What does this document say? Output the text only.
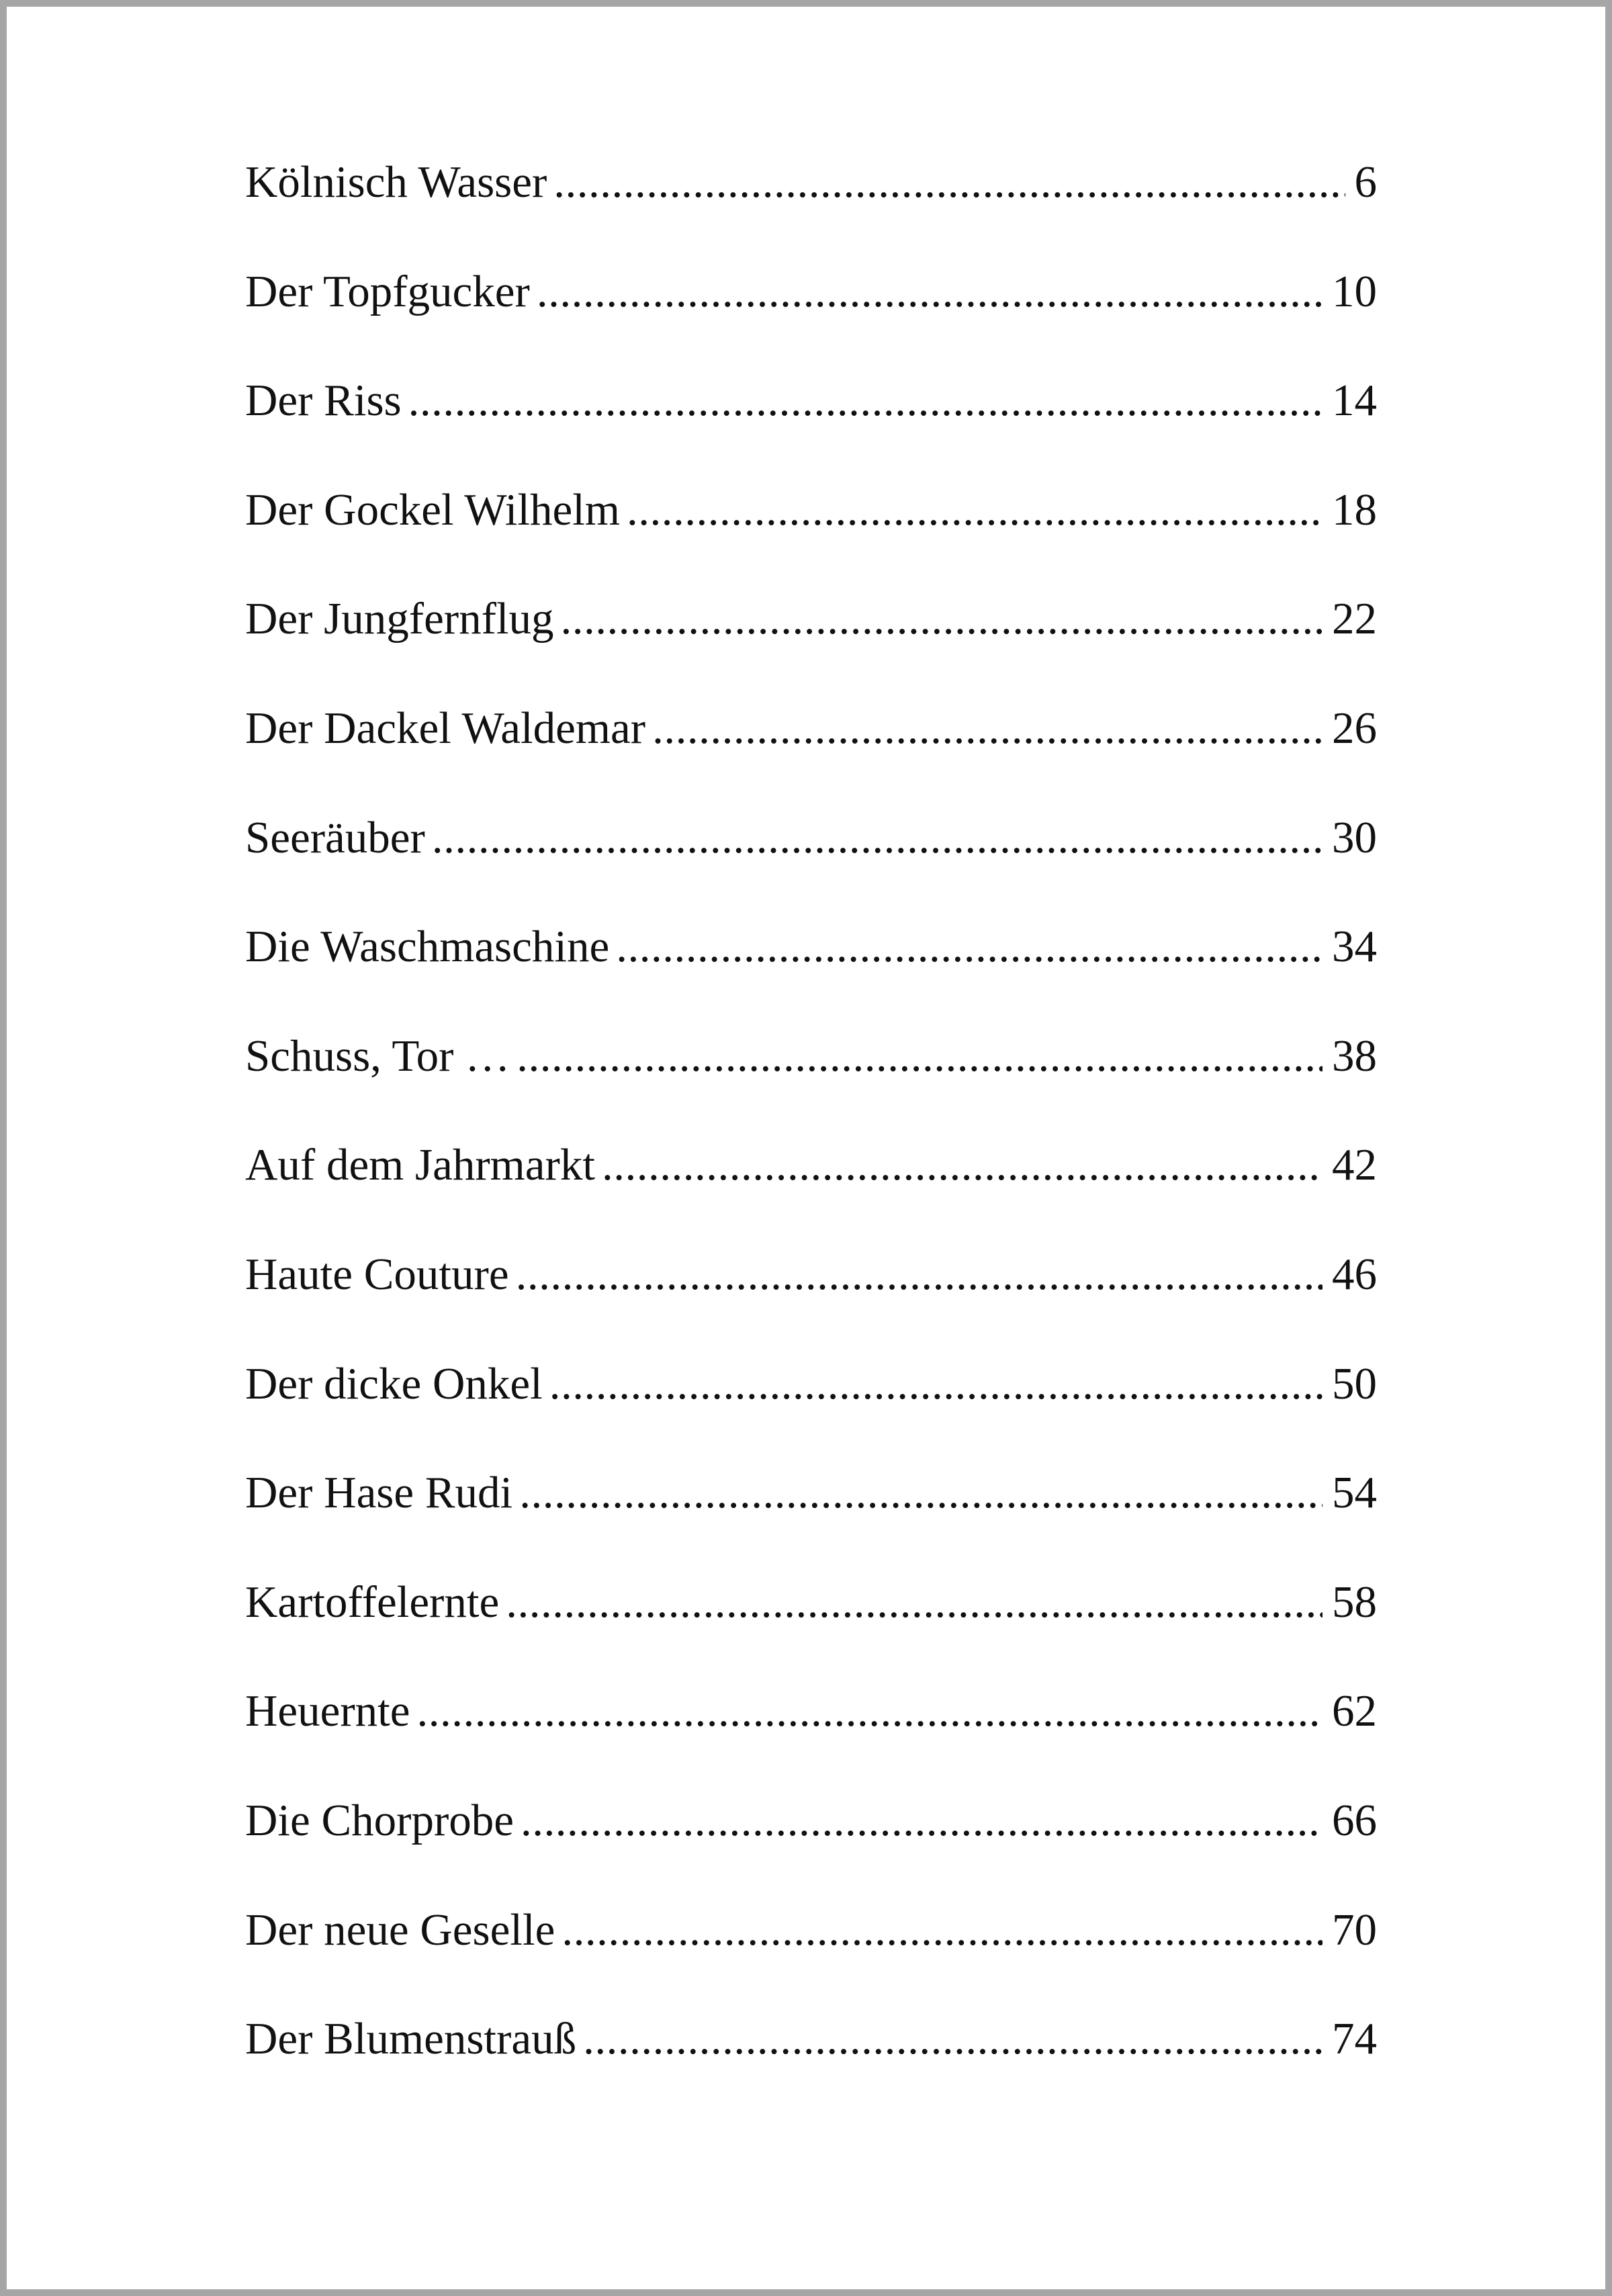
Kölnisch Wasser .....	6
Der Topfgucker .....	10
Der Riss .....	14
Der Gockel Wilhelm .....	18
Der Jungfernflug .....	22
Der Dackel Waldemar .....	26
Seeräuber .....	30
Die Waschmaschine .....	34
Schuss, Tor … .....	38
Auf dem Jahrmarkt .....	42
Haute Couture .....	46
Der dicke Onkel .....	50
Der Hase Rudi .....	54
Kartoffelernte .....	58
Heuernte .....	62
Die Chorprobe .....	66
Der neue Geselle .....	70
Der Blumenstrauß .....	74
